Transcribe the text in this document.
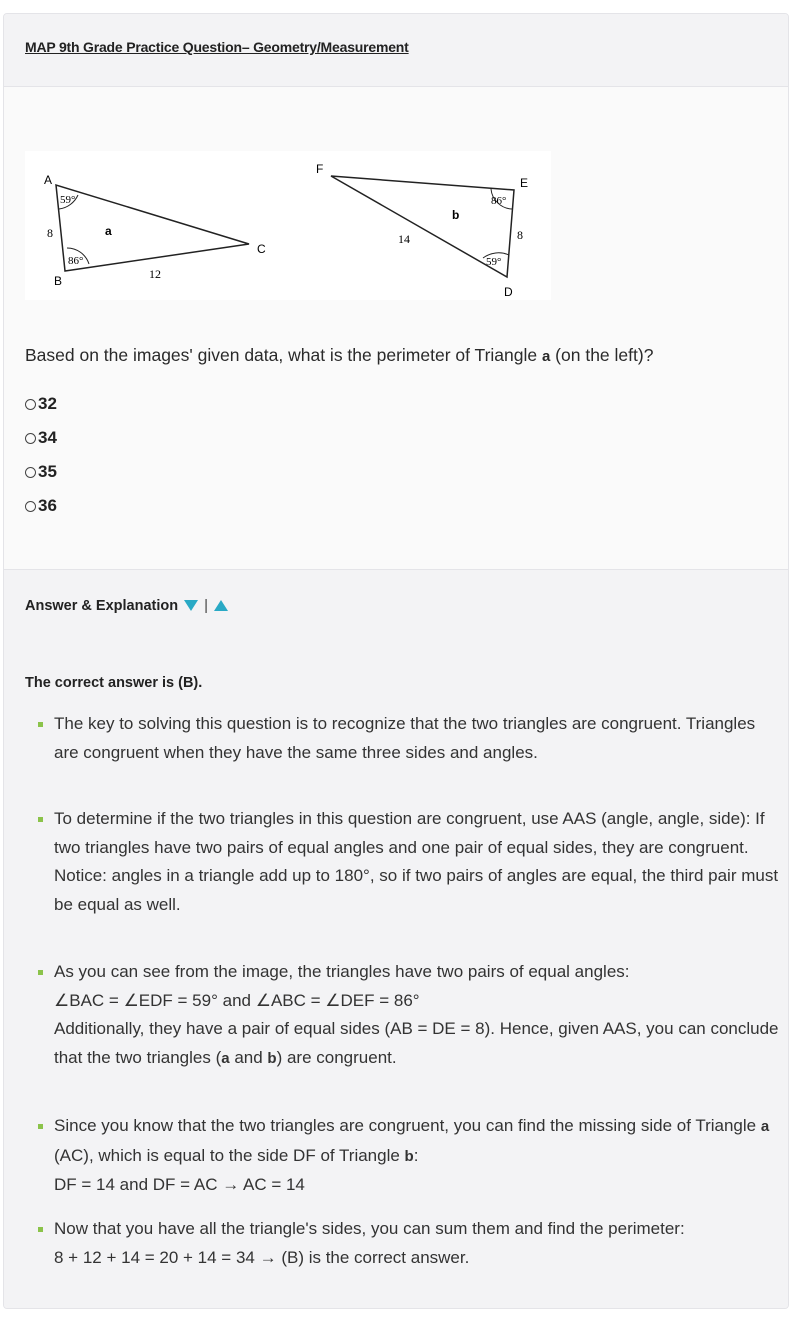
MAP 9th Grade Practice Question– Geometry/Measurement
A
B
C
a
59°
86°
8
12
F
E
D
b
86°
59°
8
14
Based on the images' given data, what is the perimeter of Triangle a (on the left)?
32
34
35
36
Answer & Explanation |
The correct answer is (B).
The key to solving this question is to recognize that the two triangles are congruent. Triangles are congruent when they have the same three sides and angles.
To determine if the two triangles in this question are congruent, use AAS (angle, angle, side): If two triangles have two pairs of equal angles and one pair of equal sides, they are congruent. Notice: angles in a triangle add up to 180°, so if two pairs of angles are equal, the third pair must be equal as well.
As you can see from the image, the triangles have two pairs of equal angles:
∠BAC = ∠EDF = 59° and ∠ABC = ∠DEF = 86°
Additionally, they have a pair of equal sides (AB = DE = 8). Hence, given AAS, you can conclude that the two triangles (a and b) are congruent.
Since you know that the two triangles are congruent, you can find the missing side of Triangle a (AC), which is equal to the side DF of Triangle b:
DF = 14 and DF = AC → AC = 14
Now that you have all the triangle's sides, you can sum them and find the perimeter:
8 + 12 + 14 = 20 + 14 = 34 → (B) is the correct answer.
